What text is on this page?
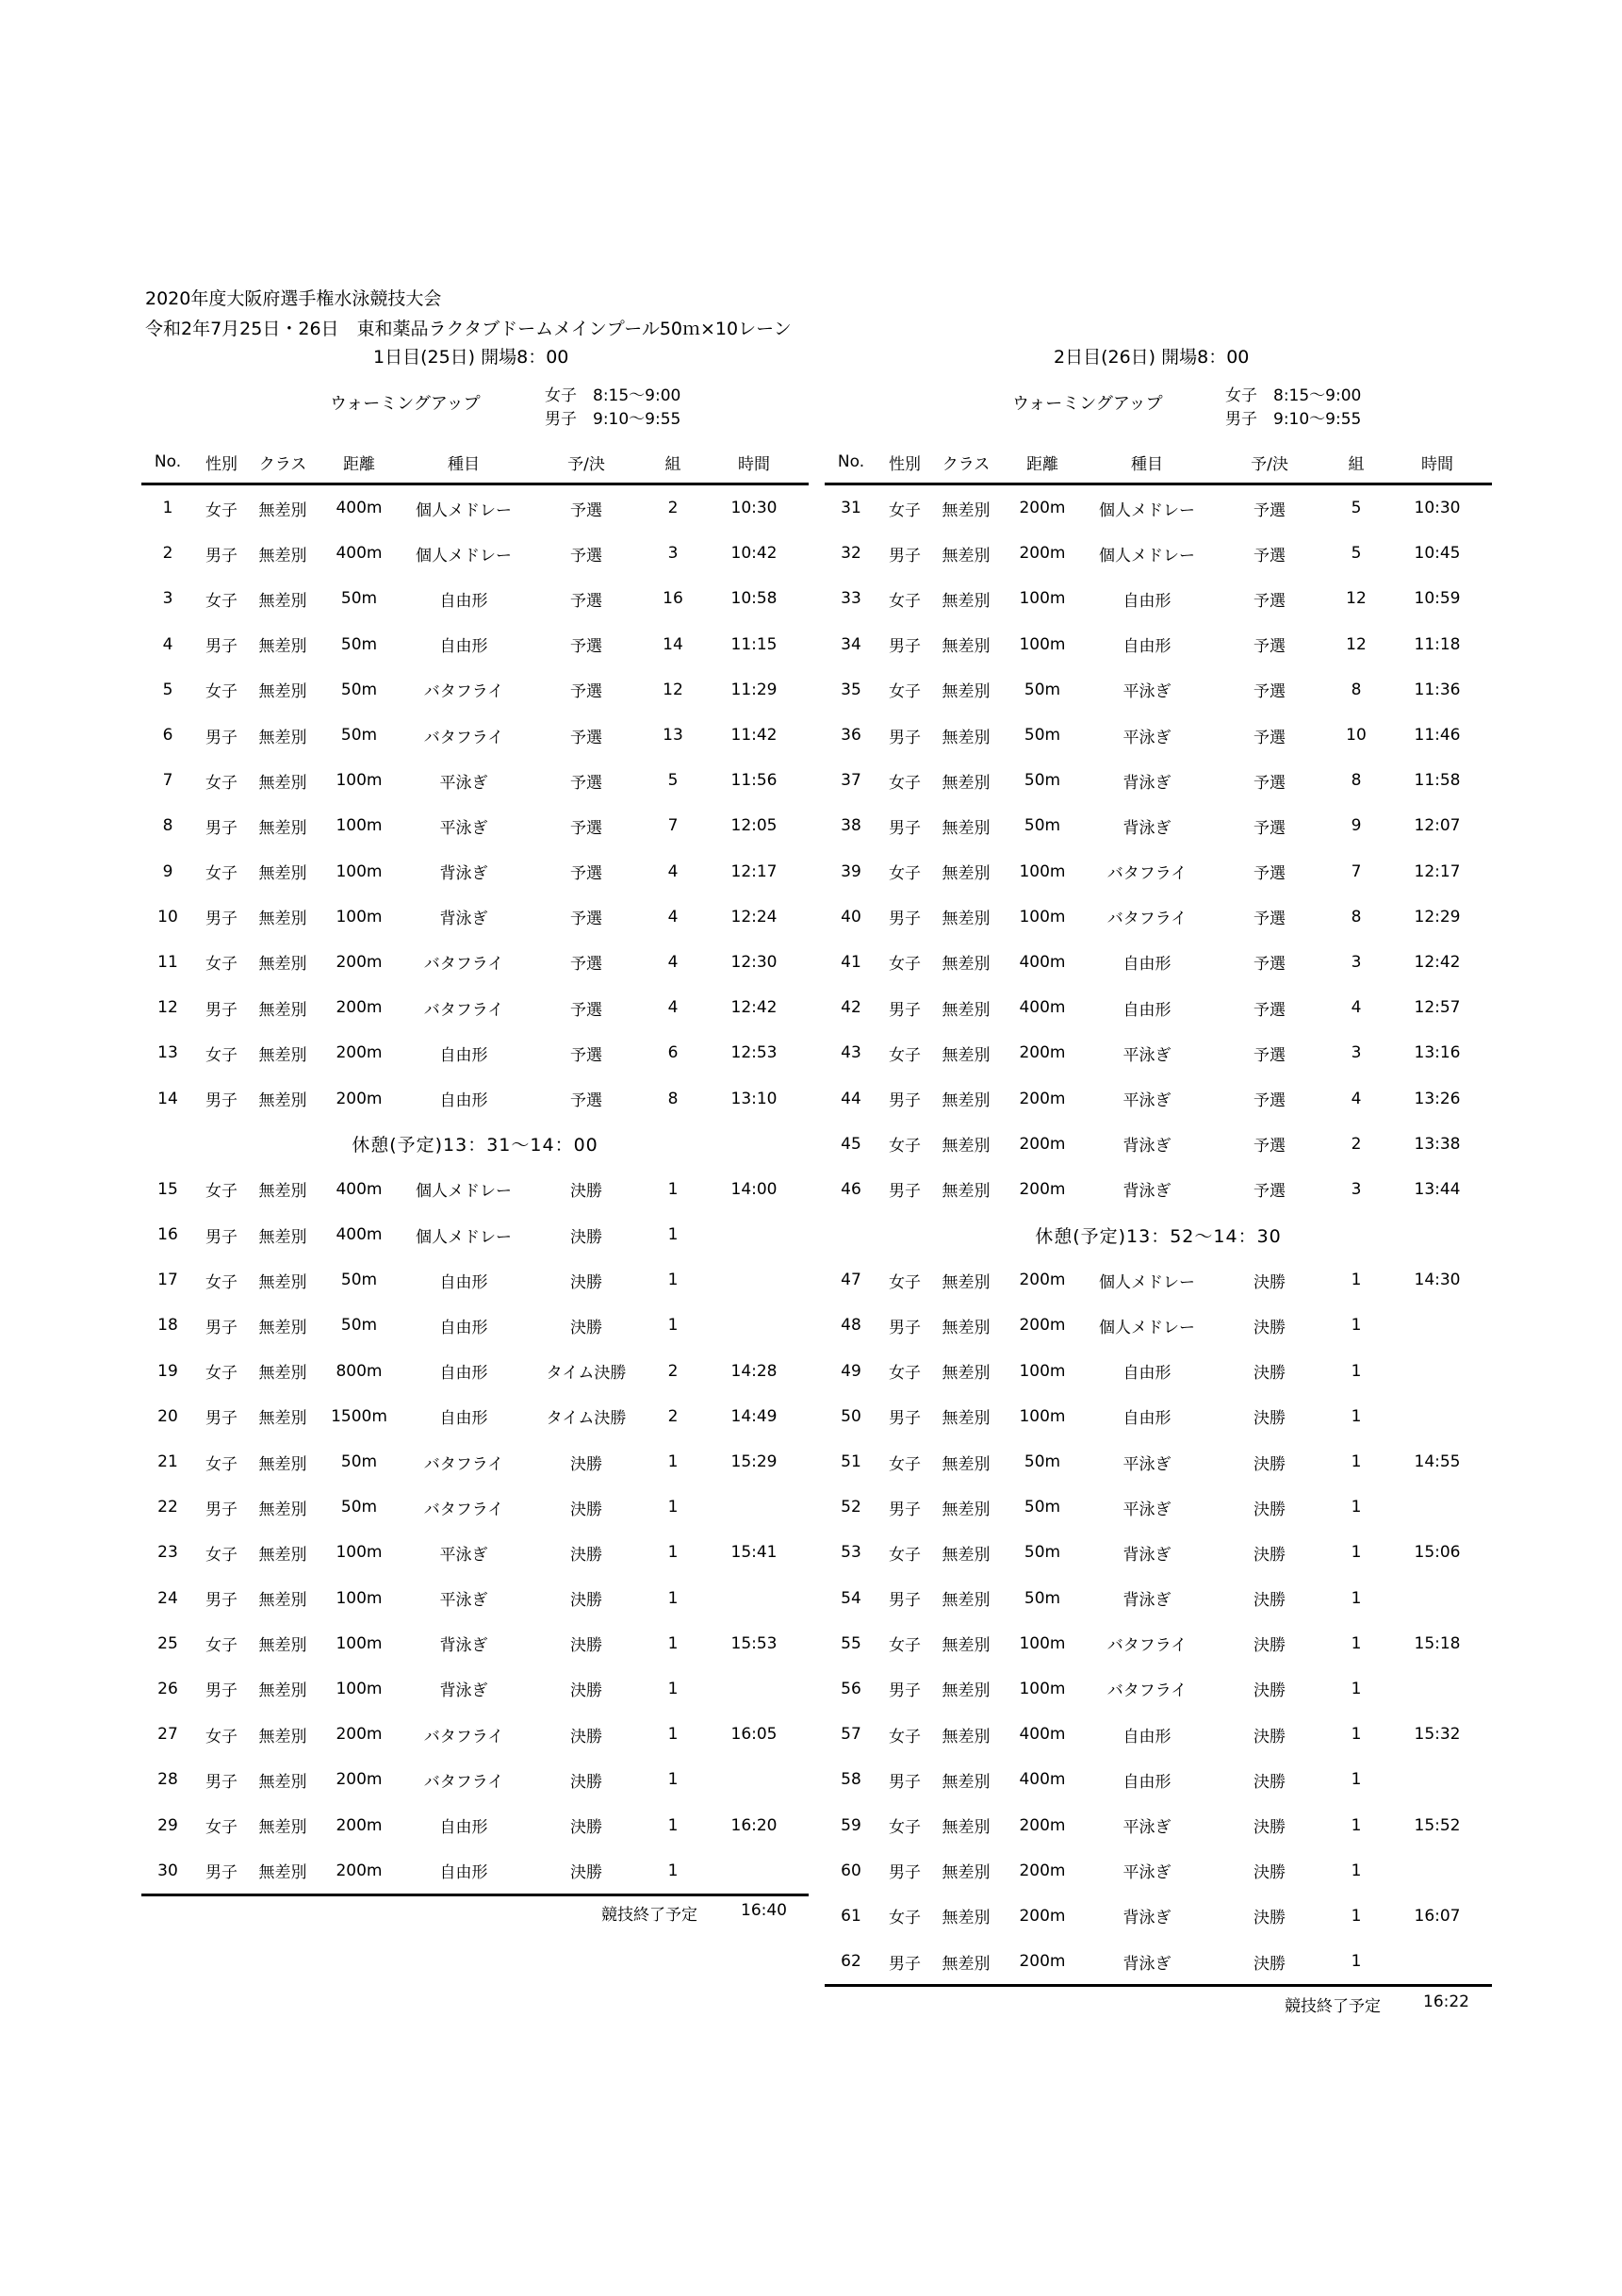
2020年度大阪府選手権水泳競技大会
令和2年7月25日・26日　東和薬品ラクタブドームメインプール50ｍ×10レーン
1日目(25日) 開場8：00
ウォーミングアップ	女子　8:15～9:00
男子　9:10～9:55
2日目(26日) 開場8：00
ウォーミングアップ	女子　8:15～9:00
男子　9:10～9:55
No.	性別	クラス	距離	種目	予/決	組	時間
1	女子	無差別	400m	個人メドレー	予選	2	10:30
2	男子	無差別	400m	個人メドレー	予選	3	10:42
3	女子	無差別	50m	自由形	予選	16	10:58
4	男子	無差別	50m	自由形	予選	14	11:15
5	女子	無差別	50m	バタフライ	予選	12	11:29
6	男子	無差別	50m	バタフライ	予選	13	11:42
7	女子	無差別	100m	平泳ぎ	予選	5	11:56
8	男子	無差別	100m	平泳ぎ	予選	7	12:05
9	女子	無差別	100m	背泳ぎ	予選	4	12:17
10	男子	無差別	100m	背泳ぎ	予選	4	12:24
11	女子	無差別	200m	バタフライ	予選	4	12:30
12	男子	無差別	200m	バタフライ	予選	4	12:42
13	女子	無差別	200m	自由形	予選	6	12:53
14	男子	無差別	200m	自由形	予選	8	13:10
休憩(予定)13：31～14：00							
15	女子	無差別	400m	個人メドレー	決勝	1	14:00
16	男子	無差別	400m	個人メドレー	決勝	1	
17	女子	無差別	50m	自由形	決勝	1	
18	男子	無差別	50m	自由形	決勝	1	
19	女子	無差別	800m	自由形	タイム決勝	2	14:28
20	男子	無差別	1500m	自由形	タイム決勝	2	14:49
21	女子	無差別	50m	バタフライ	決勝	1	15:29
22	男子	無差別	50m	バタフライ	決勝	1	
23	女子	無差別	100m	平泳ぎ	決勝	1	15:41
24	男子	無差別	100m	平泳ぎ	決勝	1	
25	女子	無差別	100m	背泳ぎ	決勝	1	15:53
26	男子	無差別	100m	背泳ぎ	決勝	1	
27	女子	無差別	200m	バタフライ	決勝	1	16:05
28	男子	無差別	200m	バタフライ	決勝	1	
29	女子	無差別	200m	自由形	決勝	1	16:20
30	男子	無差別	200m	自由形	決勝	1	
No.	性別	クラス	距離	種目	予/決	組	時間
31	女子	無差別	200m	個人メドレー	予選	5	10:30
32	男子	無差別	200m	個人メドレー	予選	5	10:45
33	女子	無差別	100m	自由形	予選	12	10:59
34	男子	無差別	100m	自由形	予選	12	11:18
35	女子	無差別	50m	平泳ぎ	予選	8	11:36
36	男子	無差別	50m	平泳ぎ	予選	10	11:46
37	女子	無差別	50m	背泳ぎ	予選	8	11:58
38	男子	無差別	50m	背泳ぎ	予選	9	12:07
39	女子	無差別	100m	バタフライ	予選	7	12:17
40	男子	無差別	100m	バタフライ	予選	8	12:29
41	女子	無差別	400m	自由形	予選	3	12:42
42	男子	無差別	400m	自由形	予選	4	12:57
43	女子	無差別	200m	平泳ぎ	予選	3	13:16
44	男子	無差別	200m	平泳ぎ	予選	4	13:26
45	女子	無差別	200m	背泳ぎ	予選	2	13:38
46	男子	無差別	200m	背泳ぎ	予選	3	13:44
休憩(予定)13：52～14：30							
47	女子	無差別	200m	個人メドレー	決勝	1	14:30
48	男子	無差別	200m	個人メドレー	決勝	1	
49	女子	無差別	100m	自由形	決勝	1	
50	男子	無差別	100m	自由形	決勝	1	
51	女子	無差別	50m	平泳ぎ	決勝	1	14:55
52	男子	無差別	50m	平泳ぎ	決勝	1	
53	女子	無差別	50m	背泳ぎ	決勝	1	15:06
54	男子	無差別	50m	背泳ぎ	決勝	1	
55	女子	無差別	100m	バタフライ	決勝	1	15:18
56	男子	無差別	100m	バタフライ	決勝	1	
57	女子	無差別	400m	自由形	決勝	1	15:32
58	男子	無差別	400m	自由形	決勝	1	
59	女子	無差別	200m	平泳ぎ	決勝	1	15:52
60	男子	無差別	200m	平泳ぎ	決勝	1	
61	女子	無差別	200m	背泳ぎ	決勝	1	16:07
62	男子	無差別	200m	背泳ぎ	決勝	1	
競技終了予定	16:40
競技終了予定	16:22
